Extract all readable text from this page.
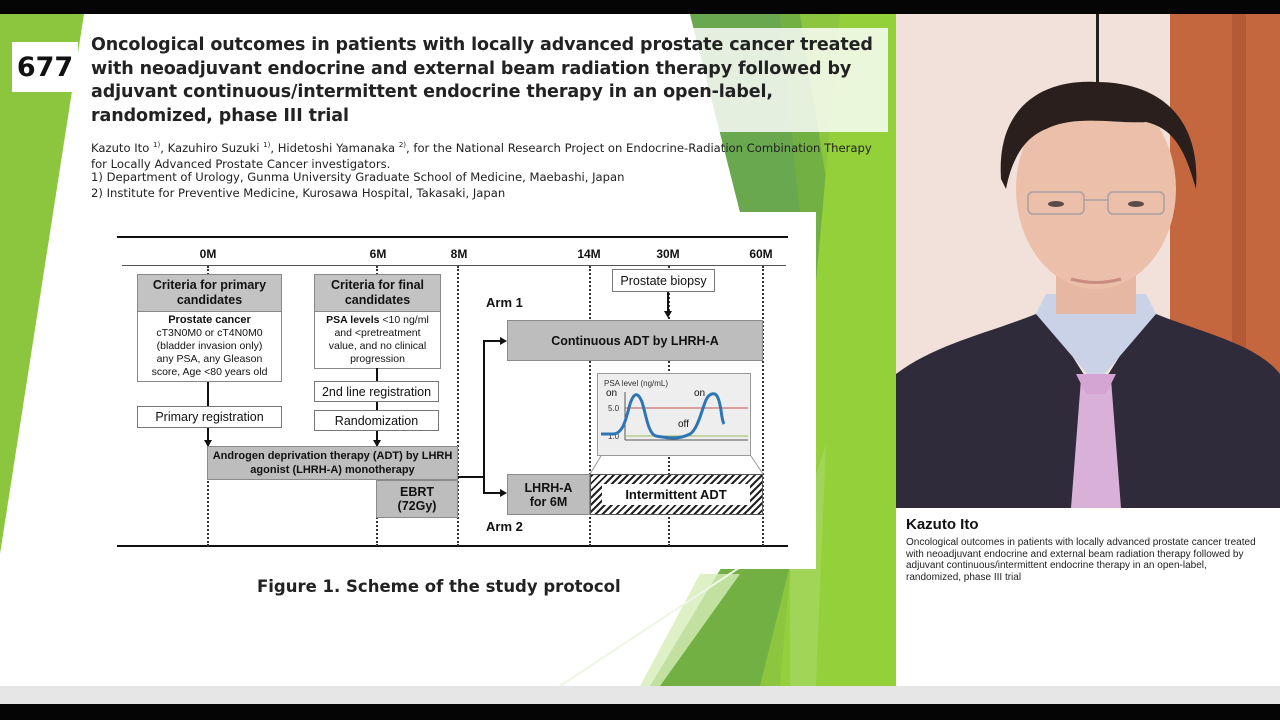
677
Oncological outcomes in patients with locally advanced prostate cancer treated with neoadjuvant endocrine and external beam radiation therapy followed by adjuvant continuous/intermittent endocrine therapy in an open-label, randomized, phase III trial
Kazuto Ito $^{1)}$, Kazuhiro Suzuki $^{1)}$, Hidetoshi Yamanaka $^{2)}$, for the National Research Project on Endocrine-Radiation Combination Therapy for Locally Advanced Prostate Cancer investigators.
1) Department of Urology, Gunma University Graduate School of Medicine, Maebashi, Japan
2) Institute for Preventive Medicine, Kurosawa Hospital, Takasaki, Japan
Figure 1. Scheme of the study protocol
0M	6M	8M	14M	30M	60M
Criteria for primary candidates
Prostate cancer
cT3N0M0 or cT4N0M0
(bladder invasion only)
any PSA, any Gleason
score, Age <80 years old
Primary registration
Criteria for final candidates
PSA levels <10 ng/ml
and <pretreatment
value, and no clinical
progression
2nd line registration
Randomization
Androgen deprivation therapy (ADT) by LHRH agonist (LHRH-A) monotherapy
EBRT
(72Gy)
Arm 1
Arm 2
Prostate biopsy
Continuous ADT by LHRH-A
PSA level (ng/mL)
5.0
1.0
on	on
off
LHRH-A
for 6M	Intermittent ADT
Kazuto Ito
Oncological outcomes in patients with locally advanced prostate cancer treated with neoadjuvant endocrine and external beam radiation therapy followed by adjuvant continuous/intermittent endocrine therapy in an open-label, randomized, phase III trial
